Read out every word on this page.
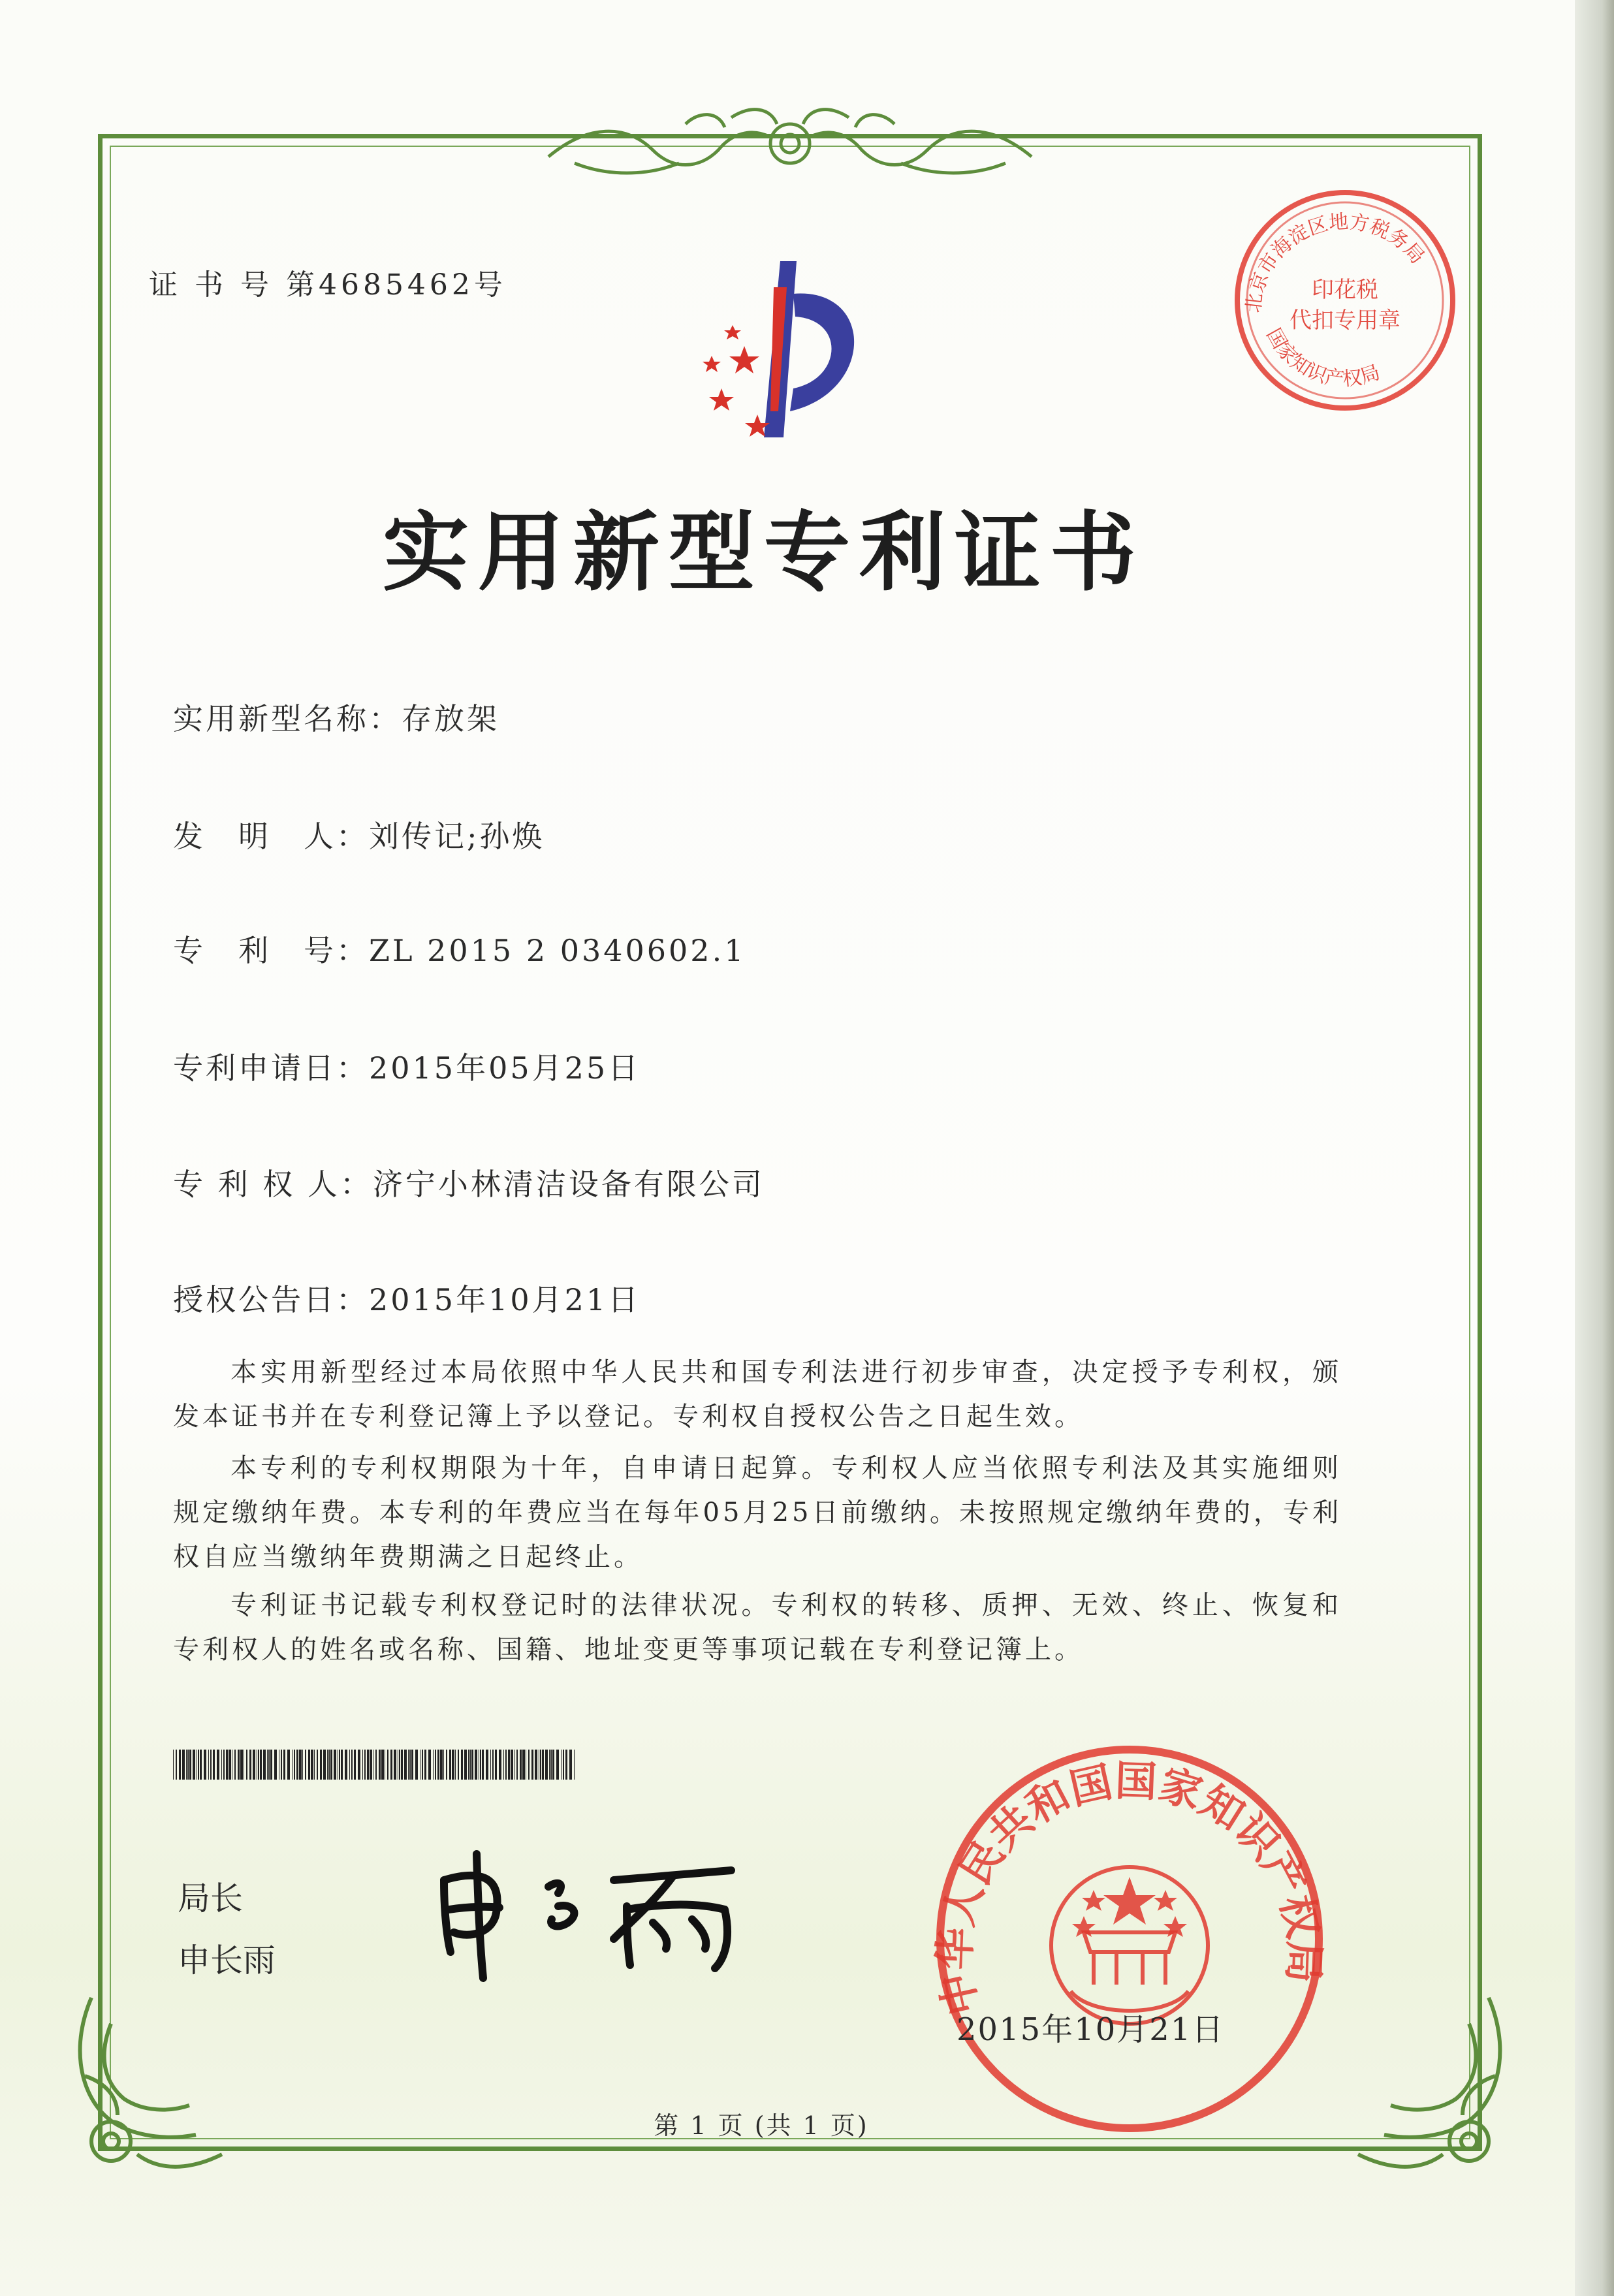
证 书 号 第4685462号	印花税
代扣专用章
北京市海淀区地方税务局
国家知识产权局
实用新型专利证书
实用新型名称：存放架
发　明　人：刘传记;孙焕
专　利　号：ZL 2015 2 0340602.1
专利申请日：2015年05月25日
专 利 权 人：济宁小林清洁设备有限公司
授权公告日：2015年10月21日
本实用新型经过本局依照中华人民共和国专利法进行初步审查，决定授予专利权，颁发本证书并在专利登记簿上予以登记。专利权自授权公告之日起生效。
本专利的专利权期限为十年，自申请日起算。专利权人应当依照专利法及其实施细则规定缴纳年费。本专利的年费应当在每年05月25日前缴纳。未按照规定缴纳年费的，专利权自应当缴纳年费期满之日起终止。
专利证书记载专利权登记时的法律状况。专利权的转移、质押、无效、终止、恢复和专利权人的姓名或名称、国籍、地址变更等事项记载在专利登记簿上。
局长
申长雨
中华人民共和国国家知识产权局
2015年10月21日
第 1 页 (共 1 页)
